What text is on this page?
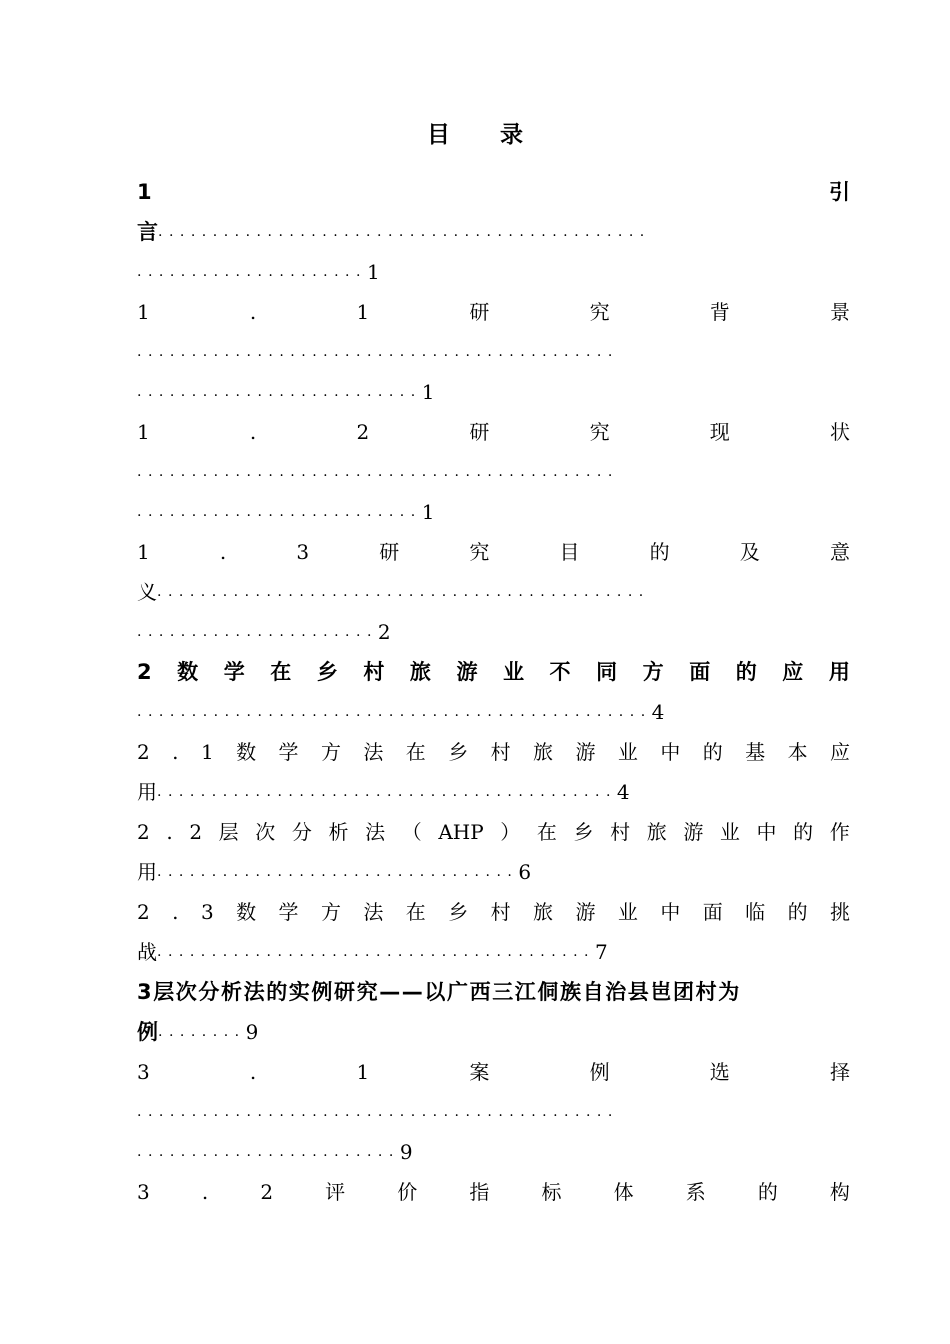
目 录
1	引
言 .............................................
..................... 1
1	.	1	研	究	背	景
............................................
.......................... 1
1	.	2	研	究	现	状
............................................
.......................... 1
1	.	3	研	究	目	的	及	意
义 .............................................
...................... 2
2 数 学 在 乡 村 旅 游 业 不 同 方 面 的 应 用
............................................... 4
2 . 1 数 学 方 法 在 乡 村 旅 游 业 中 的 基 本 应
用 .......................................... 4
2 . 2 层 次 分 析 法 （ AHP ） 在 乡 村 旅 游 业 中 的 作
用 ................................. 6
2 . 3 数 学 方 法 在 乡 村 旅 游 业 中 面 临 的 挑
战 ........................................ 7
3层次分析法的实例研究——以广西三江侗族自治县岜团村为
例 ........ 9
3	.	1	案	例	选	择
............................................
........................ 9
3	.	2	评	价	指	标	体	系	的	构
